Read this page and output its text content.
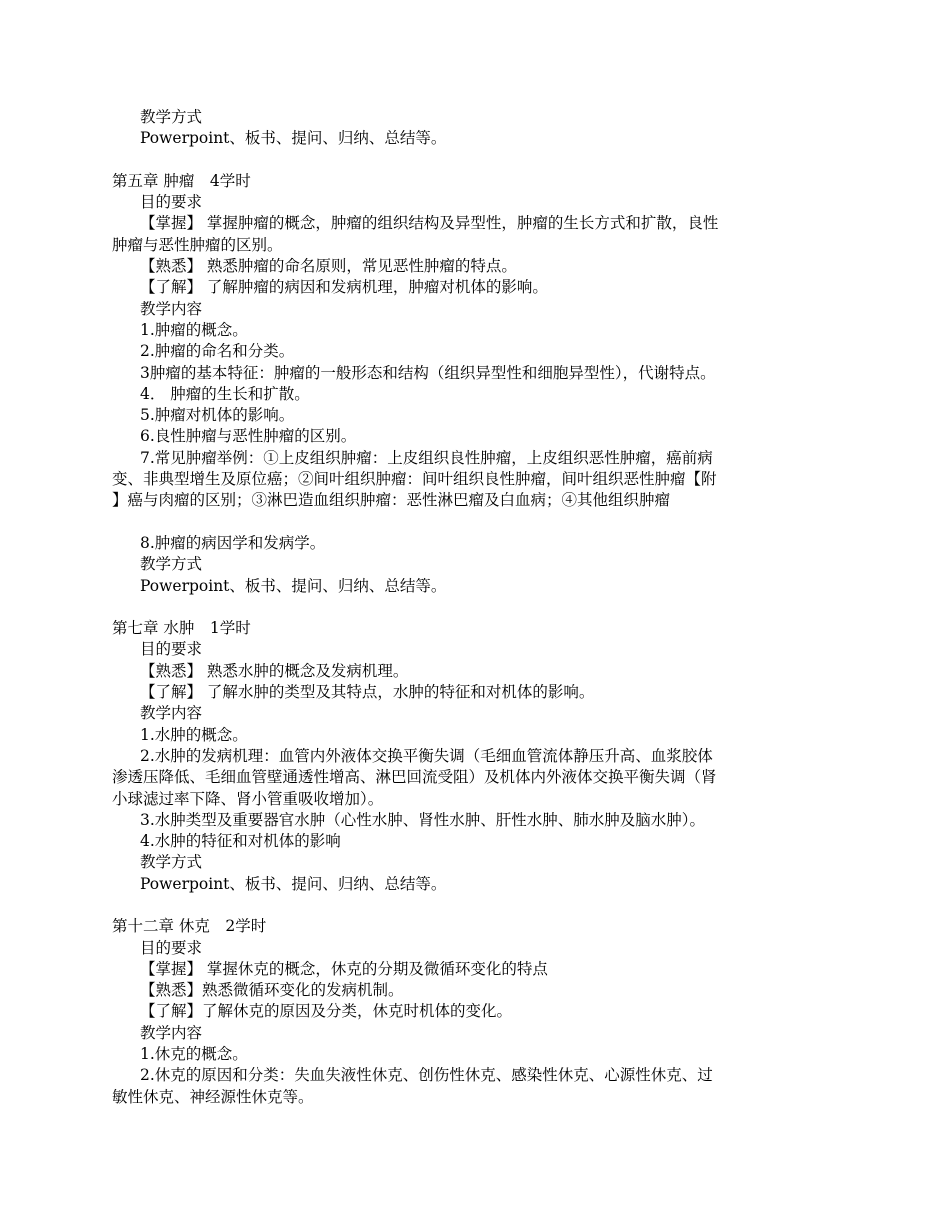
教学方式
Powerpoint、板书、提问、归纳、总结等。
第五章 肿瘤　4学时
目的要求
【掌握】 掌握肿瘤的概念，肿瘤的组织结构及异型性，肿瘤的生长方式和扩散，良性
肿瘤与恶性肿瘤的区别。
【熟悉】 熟悉肿瘤的命名原则，常见恶性肿瘤的特点。
【了解】 了解肿瘤的病因和发病机理，肿瘤对机体的影响。
教学内容
1.肿瘤的概念。
2.肿瘤的命名和分类。
3肿瘤的基本特征：肿瘤的一般形态和结构（组织异型性和细胞异型性），代谢特点。
4． 肿瘤的生长和扩散。
5.肿瘤对机体的影响。
6.良性肿瘤与恶性肿瘤的区别。
7.常见肿瘤举例：①上皮组织肿瘤：上皮组织良性肿瘤，上皮组织恶性肿瘤，癌前病
变、非典型增生及原位癌；②间叶组织肿瘤：间叶组织良性肿瘤，间叶组织恶性肿瘤【附
】癌与肉瘤的区别；③淋巴造血组织肿瘤：恶性淋巴瘤及白血病；④其他组织肿瘤
8.肿瘤的病因学和发病学。
教学方式
Powerpoint、板书、提问、归纳、总结等。
第七章 水肿　1学时
目的要求
【熟悉】 熟悉水肿的概念及发病机理。
【了解】 了解水肿的类型及其特点，水肿的特征和对机体的影响。
教学内容
1.水肿的概念。
2.水肿的发病机理：血管内外液体交换平衡失调（毛细血管流体静压升高、血浆胶体
渗透压降低、毛细血管壁通透性增高、淋巴回流受阻）及机体内外液体交换平衡失调（肾
小球滤过率下降、肾小管重吸收增加）。
3.水肿类型及重要器官水肿（心性水肿、肾性水肿、肝性水肿、肺水肿及脑水肿）。
4.水肿的特征和对机体的影响
教学方式
Powerpoint、板书、提问、归纳、总结等。
第十二章 休克　2学时
目的要求
【掌握】 掌握休克的概念，休克的分期及微循环变化的特点
【熟悉】熟悉微循环变化的发病机制。
【了解】了解休克的原因及分类，休克时机体的变化。
教学内容
1.休克的概念。
2.休克的原因和分类：失血失液性休克、创伤性休克、感染性休克、心源性休克、过
敏性休克、神经源性休克等。
